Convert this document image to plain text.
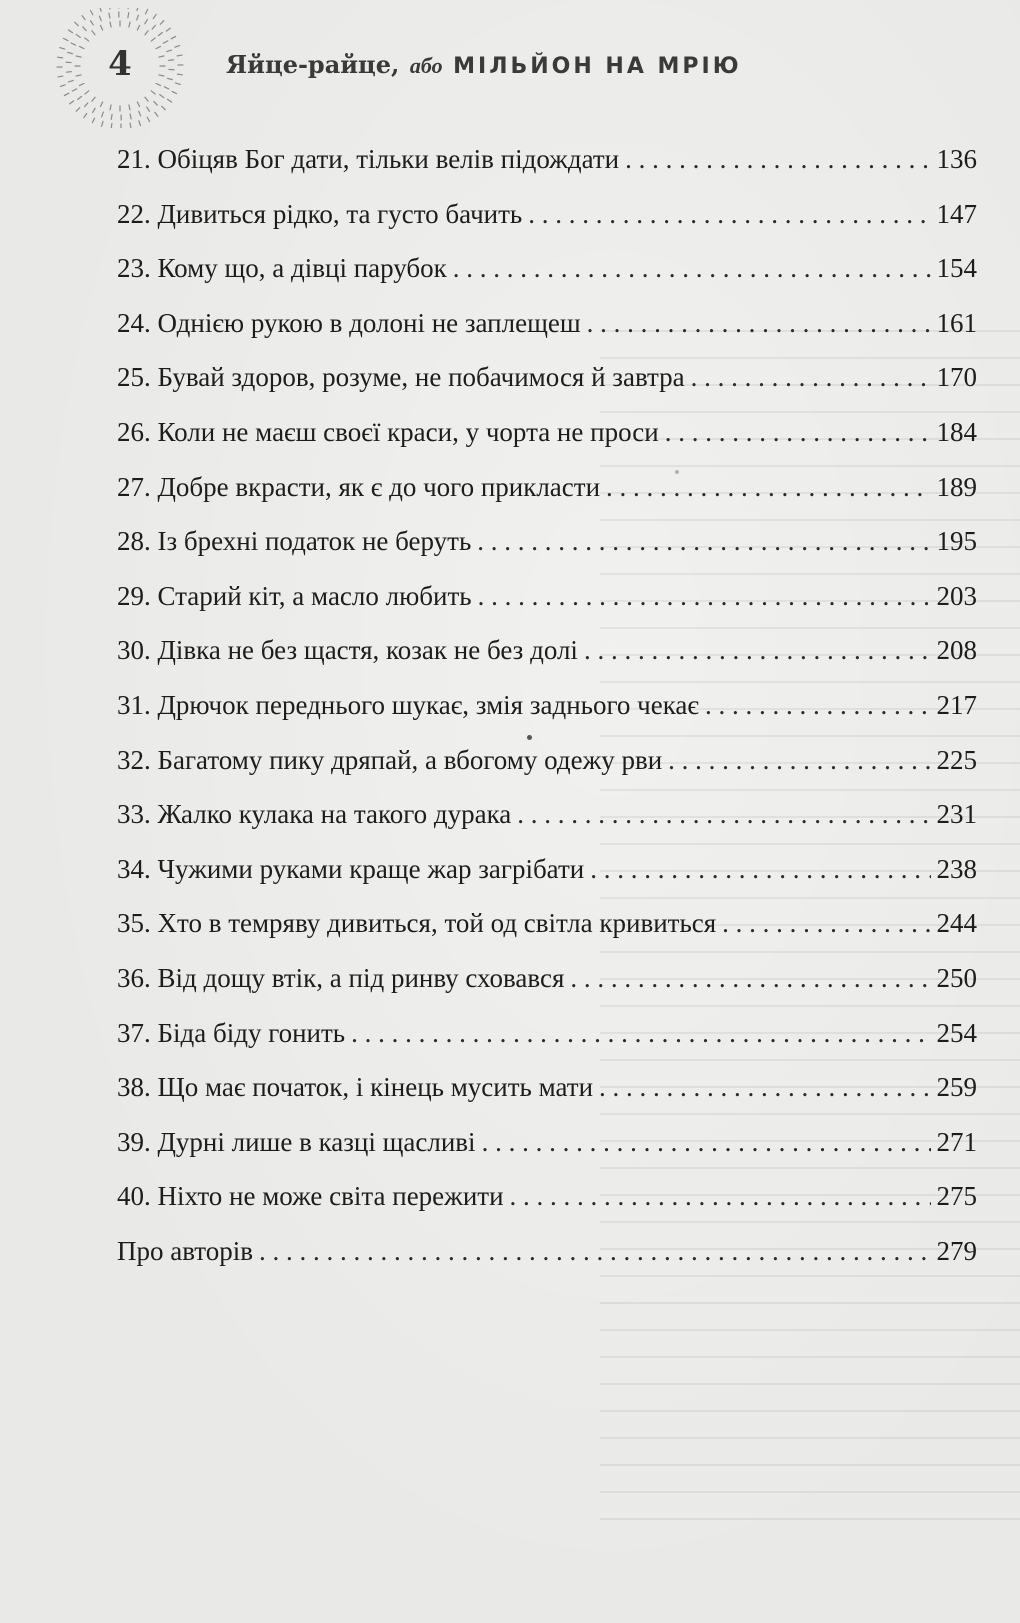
4	Яйце-райце, або МІЛЬЙОН НА МРІЮ
21. Обіцяв Бог дати, тільки велів підождати . . .	136
22. Дивиться рідко, та густо бачить . . .	147
23. Кому що, а дівці парубок . . .	154
24. Однією рукою в долоні не заплещеш . . .	161
25. Бувай здоров, розуме, не побачимося й завтра . . .	170
26. Коли не маєш своєї краси, у чорта не проси . . .	184
27. Добре вкрасти, як є до чого прикласти . . .	189
28. Із брехні податок не беруть . . .	195
29. Старий кіт, а масло любить . . .	203
30. Дівка не без щастя, козак не без долі . . .	208
31. Дрючок переднього шукає, змія заднього чекає . . .	217
32. Багатому пику дряпай, а вбогому одежу рви . . .	225
33. Жалко кулака на такого дурака . . .	231
34. Чужими руками краще жар загрібати . . .	238
35. Хто в темряву дивиться, той од світла кривиться . . .	244
36. Від дощу втік, а під ринву сховався . . .	250
37. Біда біду гонить . . .	254
38. Що має початок, і кінець мусить мати . . .	259
39. Дурні лише в казці щасливі . . .	271
40. Ніхто не може світа пережити . . .	275
Про авторів . . .	279
